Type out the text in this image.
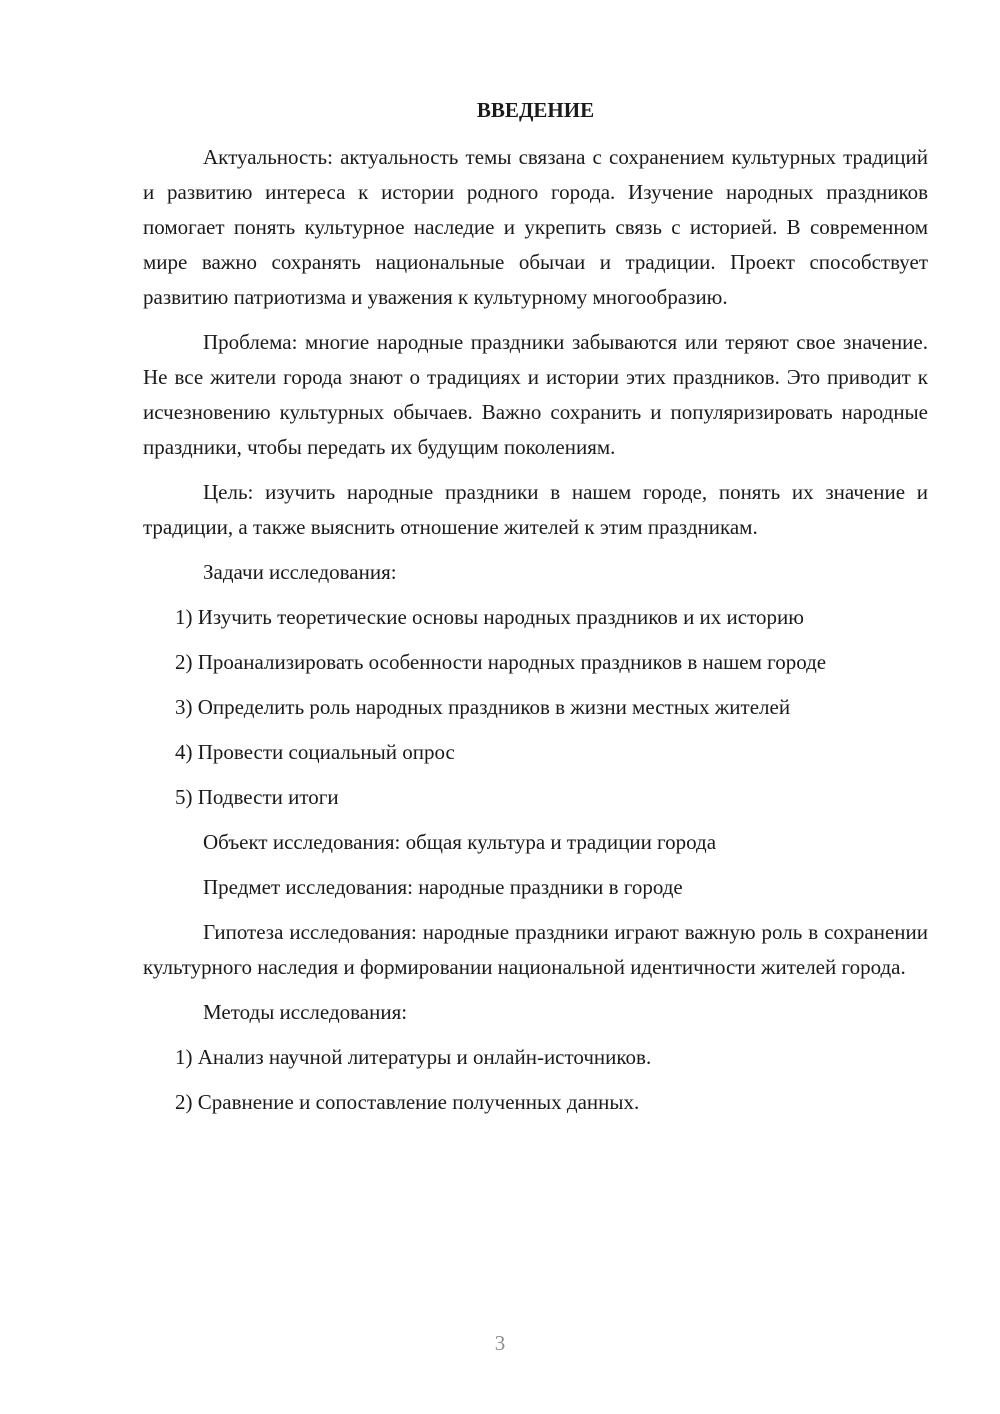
ВВЕДЕНИЕ

Актуальность: актуальность темы связана с сохранением культурных традиций и развитию интереса к истории родного города. Изучение народных праздников помогает понять культурное наследие и укрепить связь с историей. В современном мире важно сохранять национальные обычаи и традиции. Проект способствует развитию патриотизма и уважения к культурному многообразию.

Проблема: многие народные праздники забываются или теряют свое значение. Не все жители города знают о традициях и истории этих праздников. Это приводит к исчезновению культурных обычаев. Важно сохранить и популяризировать народные праздники, чтобы передать их будущим поколениям.

Цель: изучить народные праздники в нашем городе, понять их значение и традиции, а также выяснить отношение жителей к этим праздникам.

Задачи исследования:

1) Изучить теоретические основы народных праздников и их историю

2) Проанализировать особенности народных праздников в нашем городе

3) Определить роль народных праздников в жизни местных жителей

4) Провести социальный опрос

5) Подвести итоги

Объект исследования: общая культура и традиции города

Предмет исследования: народные праздники в городе

Гипотеза исследования: народные праздники играют важную роль в сохранении культурного наследия и формировании национальной идентичности жителей города.

Методы исследования:

1) Анализ научной литературы и онлайн-источников.

2) Сравнение и сопоставление полученных данных.

3
